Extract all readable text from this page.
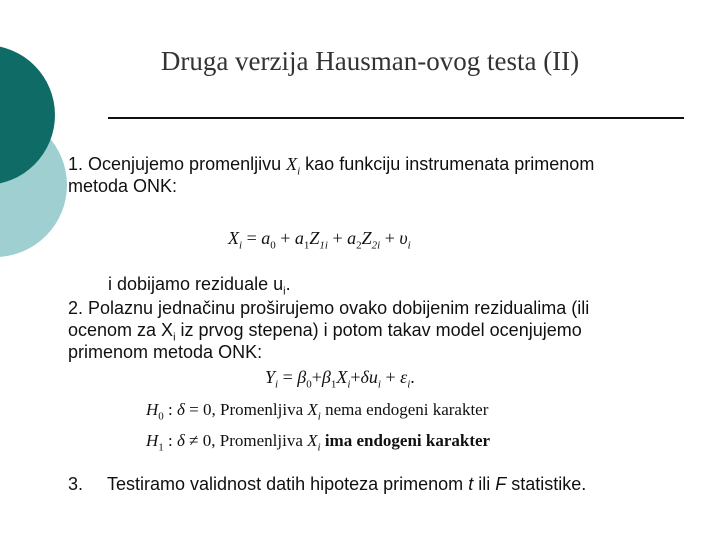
Druga verzija Hausman-ovog testa (II)
1. Ocenjujemo promenljivu $X_i$ kao funkciju instrumenata primenom
metoda ONK:
$X_i = a_0 + a_1Z_{1i} + a_2Z_{2i} + \upsilon_i$
i dobijamo reziduale $u_i$.
2. Polaznu jednačinu proširujemo ovako dobijenim rezidualima (ili
ocenom za $X_i$ iz prvog stepena) i potom takav model ocenjujemo
primenom metoda ONK:
$Y_i = \beta_0+\beta_1X_i+\delta u_i + \varepsilon_i$.
$H_0$ : δ = 0, Promenljiva $X_i$ nema endogeni karakter
$H_1$ : δ ≠ 0, Promenljiva $X_i$ ima endogeni karakter
3. Testiramo validnost datih hipoteza primenom t ili F statistike.
